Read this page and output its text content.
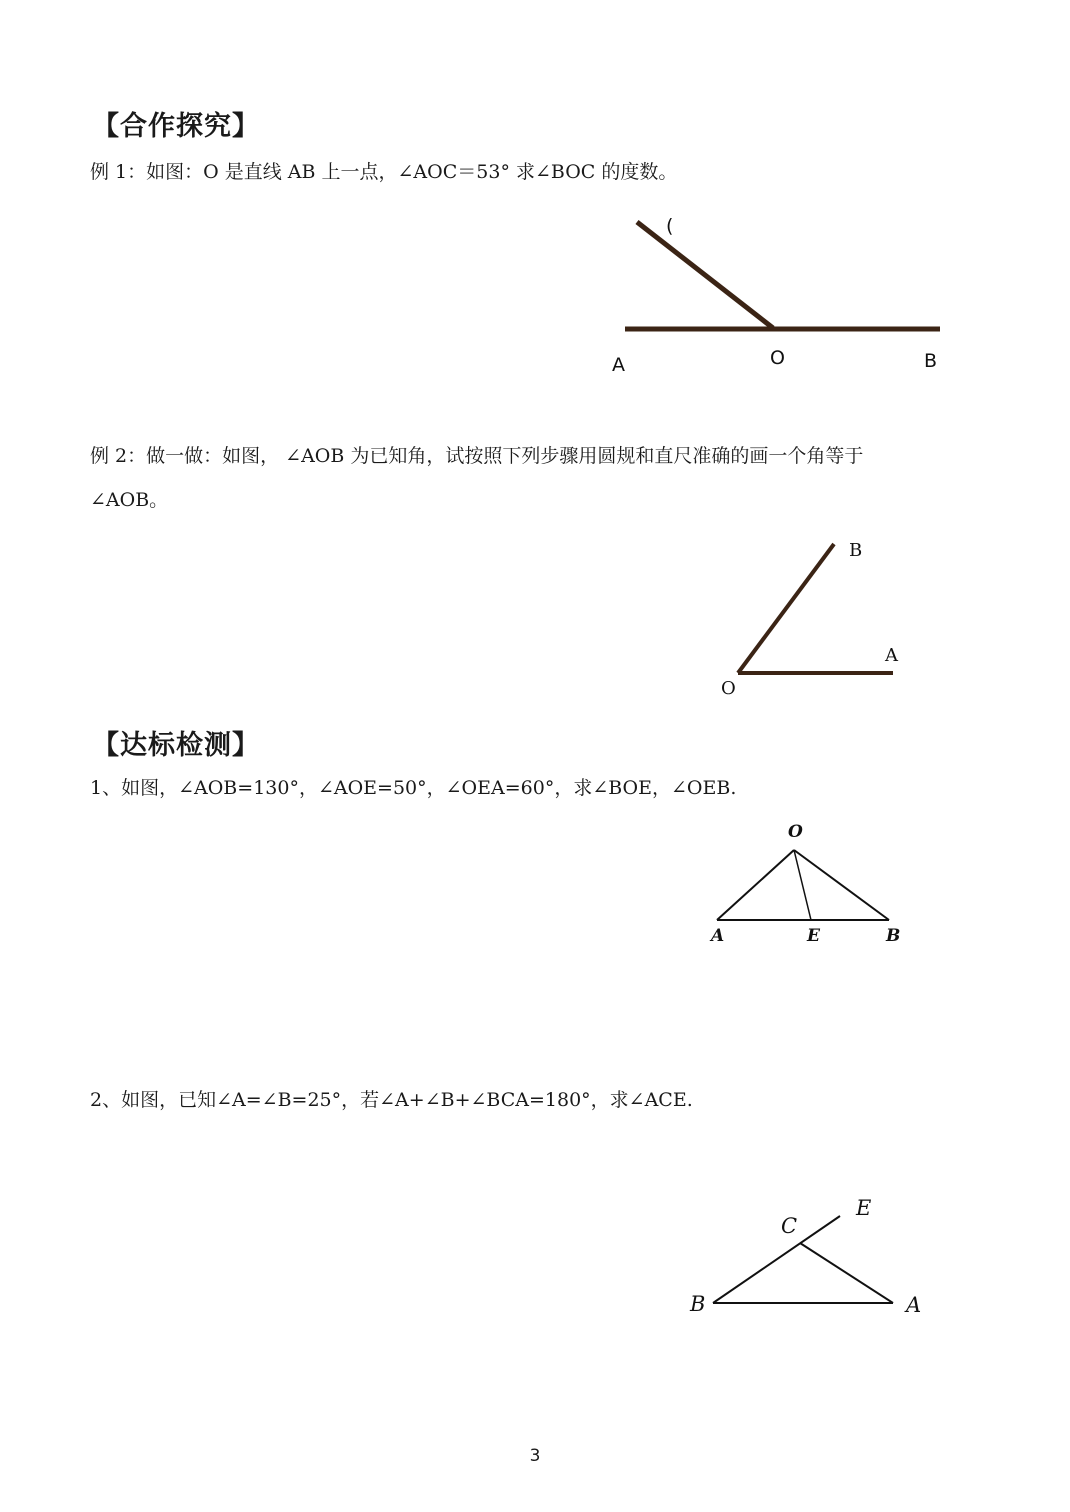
【合作探究】
例 1：如图：O 是直线 AB 上一点，∠AOC＝53° 求∠BOC 的度数。
(
A	O	B
B
A
O
O
A	E	B
C
E
B	A
例 2：做一做：如图， ∠AOB 为已知角，试按照下列步骤用圆规和直尺准确的画一个角等于
∠AOB。
【达标检测】
1、如图，∠AOB=130°，∠AOE=50°，∠OEA=60°，求∠BOE，∠OEB.
2、如图，已知∠A=∠B=25°，若∠A+∠B+∠BCA=180°，求∠ACE.
3
